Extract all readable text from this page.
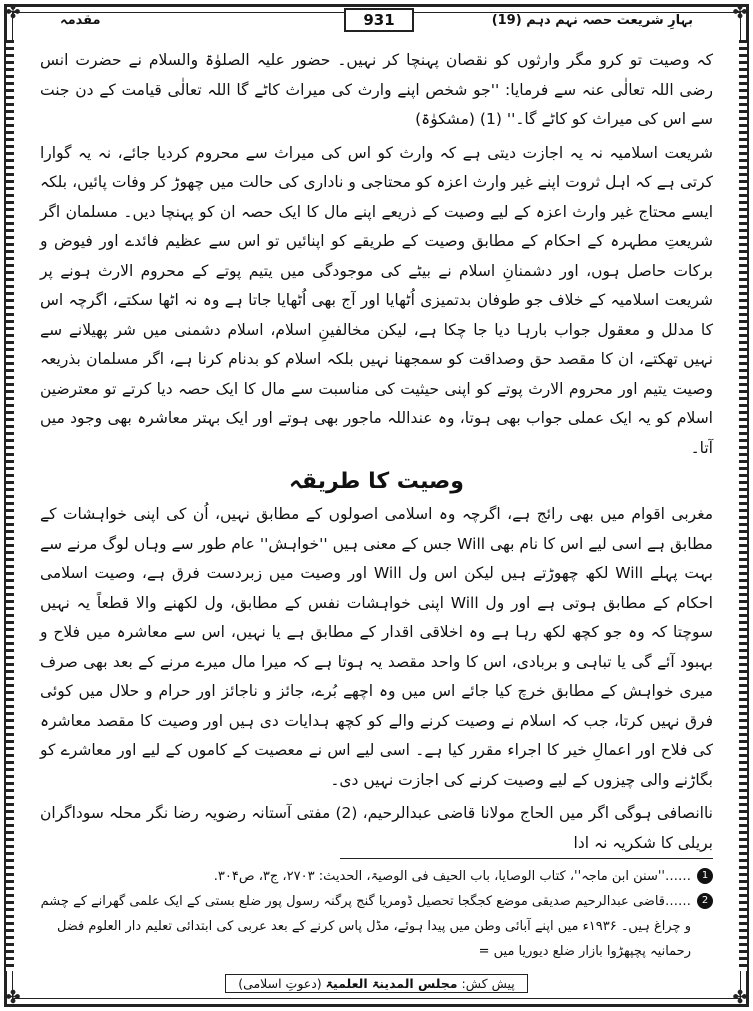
✤	✤
✤	✤
مقدمہ	931	بہارِ شریعت حصہ نہم دہم (19)

کہ وصیت تو کرو مگر وارثوں کو نقصان پہنچا کر نہیں۔ حضور علیہ الصلوٰۃ والسلام نے حضرت انس رضی اللہ تعالٰی عنہ سے فرمایا: ''جو شخص اپنے وارث کی میراث کاٹے گا اللہ تعالٰی قیامت کے دن جنت سے اس کی میراث کو کاٹے گا۔'' (1) (مشکوٰۃ)

شریعت اسلامیہ نہ یہ اجازت دیتی ہے کہ وارث کو اس کی میراث سے محروم کردیا جائے، نہ یہ گوارا کرتی ہے کہ اہل ثروت اپنے غیر وارث اعزہ کو محتاجی و ناداری کی حالت میں چھوڑ کر وفات پائیں، بلکہ ایسے محتاج غیر وارث اعزہ کے لیے وصیت کے ذریعے اپنے مال کا ایک حصہ ان کو پہنچا دیں۔ مسلمان اگر شریعتِ مطہرہ کے احکام کے مطابق وصیت کے طریقے کو اپنائیں تو اس سے عظیم فائدے اور فیوض و برکات حاصل ہوں، اور دشمنانِ اسلام نے بیٹے کی موجودگی میں یتیم پوتے کے محروم الارث ہونے پر شریعت اسلامیہ کے خلاف جو طوفان بدتمیزی اُٹھایا اور آج بھی اُٹھایا جاتا ہے وہ نہ اٹھا سکتے، اگرچہ اس کا مدلل و معقول جواب بارہا دیا جا چکا ہے، لیکن مخالفینِ اسلام، اسلام دشمنی میں شر پھیلانے سے نہیں تھکتے، ان کا مقصد حق وصداقت کو سمجھنا نہیں بلکہ اسلام کو بدنام کرنا ہے، اگر مسلمان بذریعہ وصیت یتیم اور محروم الارث پوتے کو اپنی حیثیت کی مناسبت سے مال کا ایک حصہ دیا کرتے تو معترضین اسلام کو یہ ایک عملی جواب بھی ہوتا، وہ عنداللہ ماجور بھی ہوتے اور ایک بہتر معاشرہ بھی وجود میں آتا۔

وصیت کا طریقہ

مغربی اقوام میں بھی رائج ہے، اگرچہ وہ اسلامی اصولوں کے مطابق نہیں، اُن کی اپنی خواہشات کے مطابق ہے اسی لیے اس کا نام بھی Will جس کے معنی ہیں ''خواہش'' عام طور سے وہاں لوگ مرنے سے بہت پہلے Will لکھ چھوڑتے ہیں لیکن اس ول Will اور وصیت میں زبردست فرق ہے، وصیت اسلامی احکام کے مطابق ہوتی ہے اور ول Will اپنی خواہشات نفس کے مطابق، ول لکھنے والا قطعاً یہ نہیں سوچتا کہ وہ جو کچھ لکھ رہا ہے وہ اخلاقی اقدار کے مطابق ہے یا نہیں، اس سے معاشرہ میں فلاح و بہبود آئے گی یا تباہی و بربادی، اس کا واحد مقصد یہ ہوتا ہے کہ میرا مال میرے مرنے کے بعد بھی صرف میری خواہش کے مطابق خرچ کیا جائے اس میں وہ اچھے بُرے، جائز و ناجائز اور حرام و حلال میں کوئی فرق نہیں کرتا، جب کہ اسلام نے وصیت کرنے والے کو کچھ ہدایات دی ہیں اور وصیت کا مقصد معاشرہ کی فلاح اور اعمالِ خیر کا اجراء مقرر کیا ہے۔ اسی لیے اس نے معصیت کے کاموں کے لیے اور معاشرے کو بگاڑنے والی چیزوں کے لیے وصیت کرنے کی اجازت نہیں دی۔

ناانصافی ہوگی اگر میں الحاج مولانا قاضی عبدالرحیم، (2) مفتی آستانہ رضویہ رضا نگر محلہ سوداگران بریلی کا شکریہ نہ ادا

1
……''سنن ابن ماجہ''، کتاب الوصایا، باب الحیف فی الوصیۃ، الحدیث: ۲۷۰۳، ج۳، ص۳۰۴.
2
……قاضی عبدالرحیم صدیقی موضع کجگجا تحصیل ڈومریا گنج پرگنہ رسول پور ضلع بستی کے ایک علمی گھرانے کے چشم و چراغ ہیں۔ ۱۹۳۶ء میں اپنے آبائی وطن میں پیدا ہوئے، مڈل پاس کرنے کے بعد عربی کی ابتدائی تعلیم دار العلوم فضل رحمانیہ پچپھڑوا بازار ضلع دیوریا میں =
پیش کش: مجلس المدینۃ العلمیۃ (دعوتِ اسلامی)
